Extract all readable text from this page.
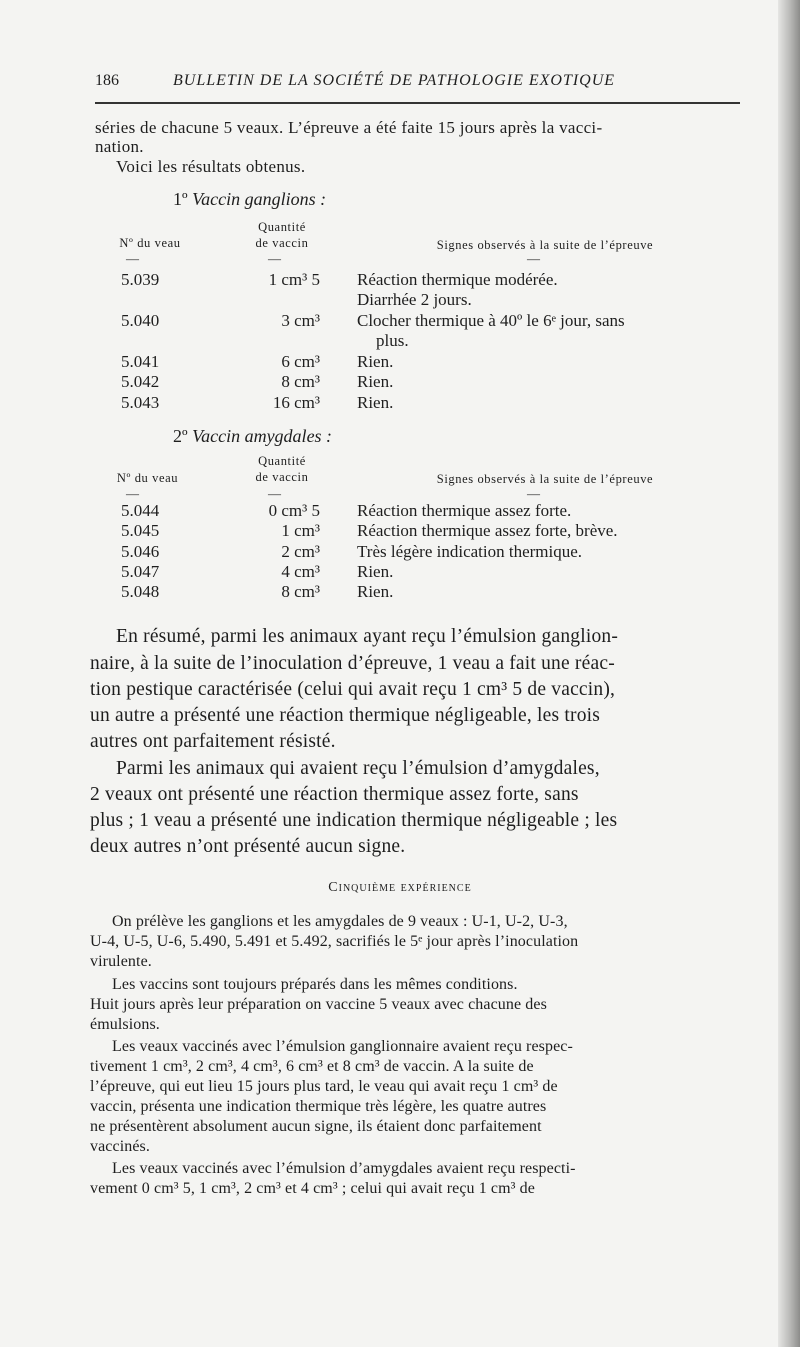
186	BULLETIN DE LA SOCIÉTÉ DE PATHOLOGIE EXOTIQUE
séries de chacune 5 veaux. L’épreuve a été faite 15 jours après la vacci-
nation.
Voici les résultats obtenus.
1º Vaccin ganglions :
Quantité
de vaccin
Nº du veau	Signes observés à la suite de l’épreuve
—	—	—
5.039	1 cm³ 5 Réaction thermique modérée.
Diarrhée 2 jours.
5.040	3 cm³ Clocher thermique à 40º le 6ᵉ jour, sans
plus.
5.041	6 cm³ Rien.
5.042	8 cm³ Rien.
5.043	16 cm³ Rien.
2º Vaccin amygdales :
Quantité
de vaccin
Nº du veau	Signes observés à la suite de l’épreuve
—	—	—
5.044	0 cm³ 5 Réaction thermique assez forte.
5.045	1 cm³ Réaction thermique assez forte, brève.
5.046	2 cm³ Très légère indication thermique.
5.047	4 cm³ Rien.
5.048	8 cm³ Rien.
En résumé, parmi les animaux ayant reçu l’émulsion ganglion-
naire, à la suite de l’inoculation d’épreuve, 1 veau a fait une réac-
tion pestique caractérisée (celui qui avait reçu 1 cm³ 5 de vaccin),
un autre a présenté une réaction thermique négligeable, les trois
autres ont parfaitement résisté.
Parmi les animaux qui avaient reçu l’émulsion d’amygdales,
2 veaux ont présenté une réaction thermique assez forte, sans
plus ; 1 veau a présenté une indication thermique négligeable ; les
deux autres n’ont présenté aucun signe.
Cinquième expérience
On prélève les ganglions et les amygdales de 9 veaux : U-1, U-2, U-3,
U-4, U-5, U-6, 5.490, 5.491 et 5.492, sacrifiés le 5ᵉ jour après l’inoculation
virulente.
Les vaccins sont toujours préparés dans les mêmes conditions.
Huit jours après leur préparation on vaccine 5 veaux avec chacune des
émulsions.
Les veaux vaccinés avec l’émulsion ganglionnaire avaient reçu respec-
tivement 1 cm³, 2 cm³, 4 cm³, 6 cm³ et 8 cm³ de vaccin. A la suite de
l’épreuve, qui eut lieu 15 jours plus tard, le veau qui avait reçu 1 cm³ de
vaccin, présenta une indication thermique très légère, les quatre autres
ne présentèrent absolument aucun signe, ils étaient donc parfaitement
vaccinés.
Les veaux vaccinés avec l’émulsion d’amygdales avaient reçu respecti-
vement 0 cm³ 5, 1 cm³, 2 cm³ et 4 cm³ ; celui qui avait reçu 1 cm³ de
